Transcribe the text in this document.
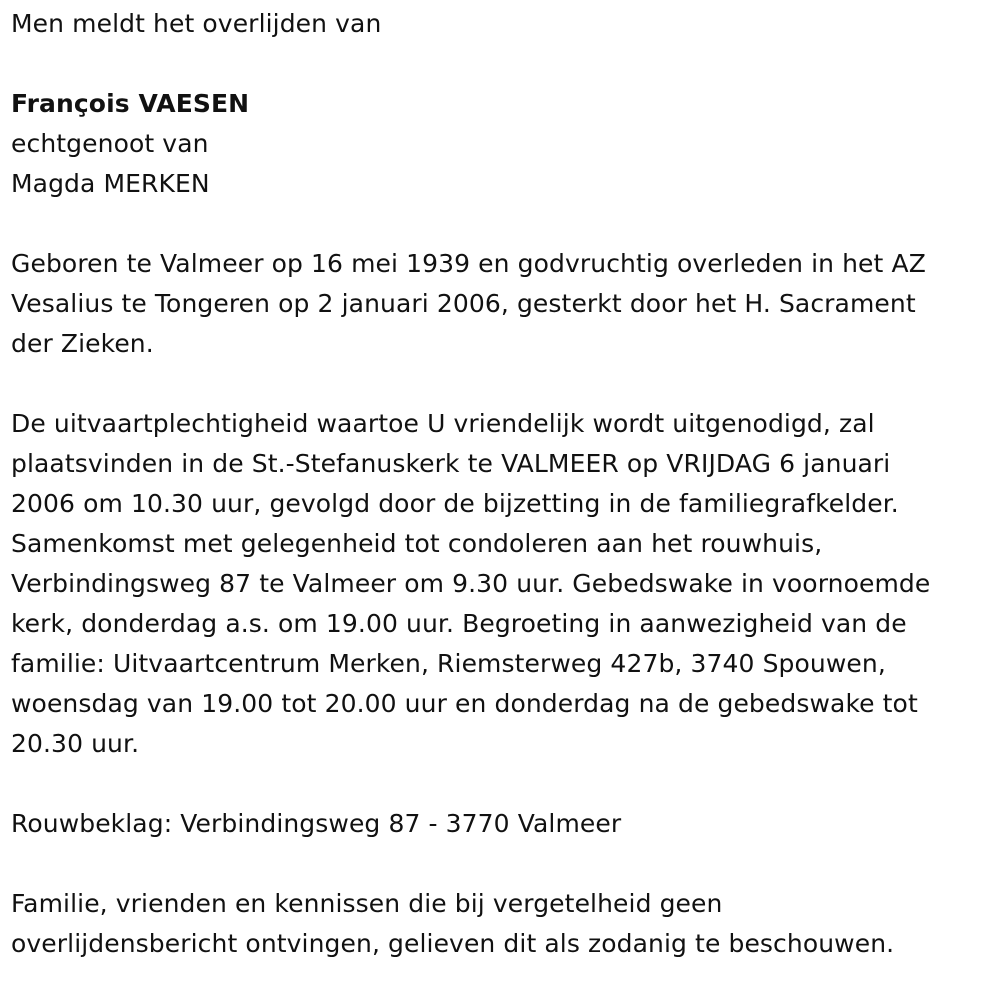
Men meldt het overlijden van
François VAESEN
echtgenoot van
Magda MERKEN
Geboren te Valmeer op 16 mei 1939 en godvruchtig overleden in het AZ
Vesalius te Tongeren op 2 januari 2006, gesterkt door het H. Sacrament
der Zieken.
De uitvaartplechtigheid waartoe U vriendelijk wordt uitgenodigd, zal
plaatsvinden in de St.-Stefanuskerk te VALMEER op VRIJDAG 6 januari
2006 om 10.30 uur, gevolgd door de bijzetting in de familiegrafkelder.
Samenkomst met gelegenheid tot condoleren aan het rouwhuis,
Verbindingsweg 87 te Valmeer om 9.30 uur. Gebedswake in voornoemde
kerk, donderdag a.s. om 19.00 uur. Begroeting in aanwezigheid van de
familie: Uitvaartcentrum Merken, Riemsterweg 427b, 3740 Spouwen,
woensdag van 19.00 tot 20.00 uur en donderdag na de gebedswake tot
20.30 uur.
Rouwbeklag: Verbindingsweg 87 - 3770 Valmeer
Familie, vrienden en kennissen die bij vergetelheid geen
overlijdensbericht ontvingen, gelieven dit als zodanig te beschouwen.
